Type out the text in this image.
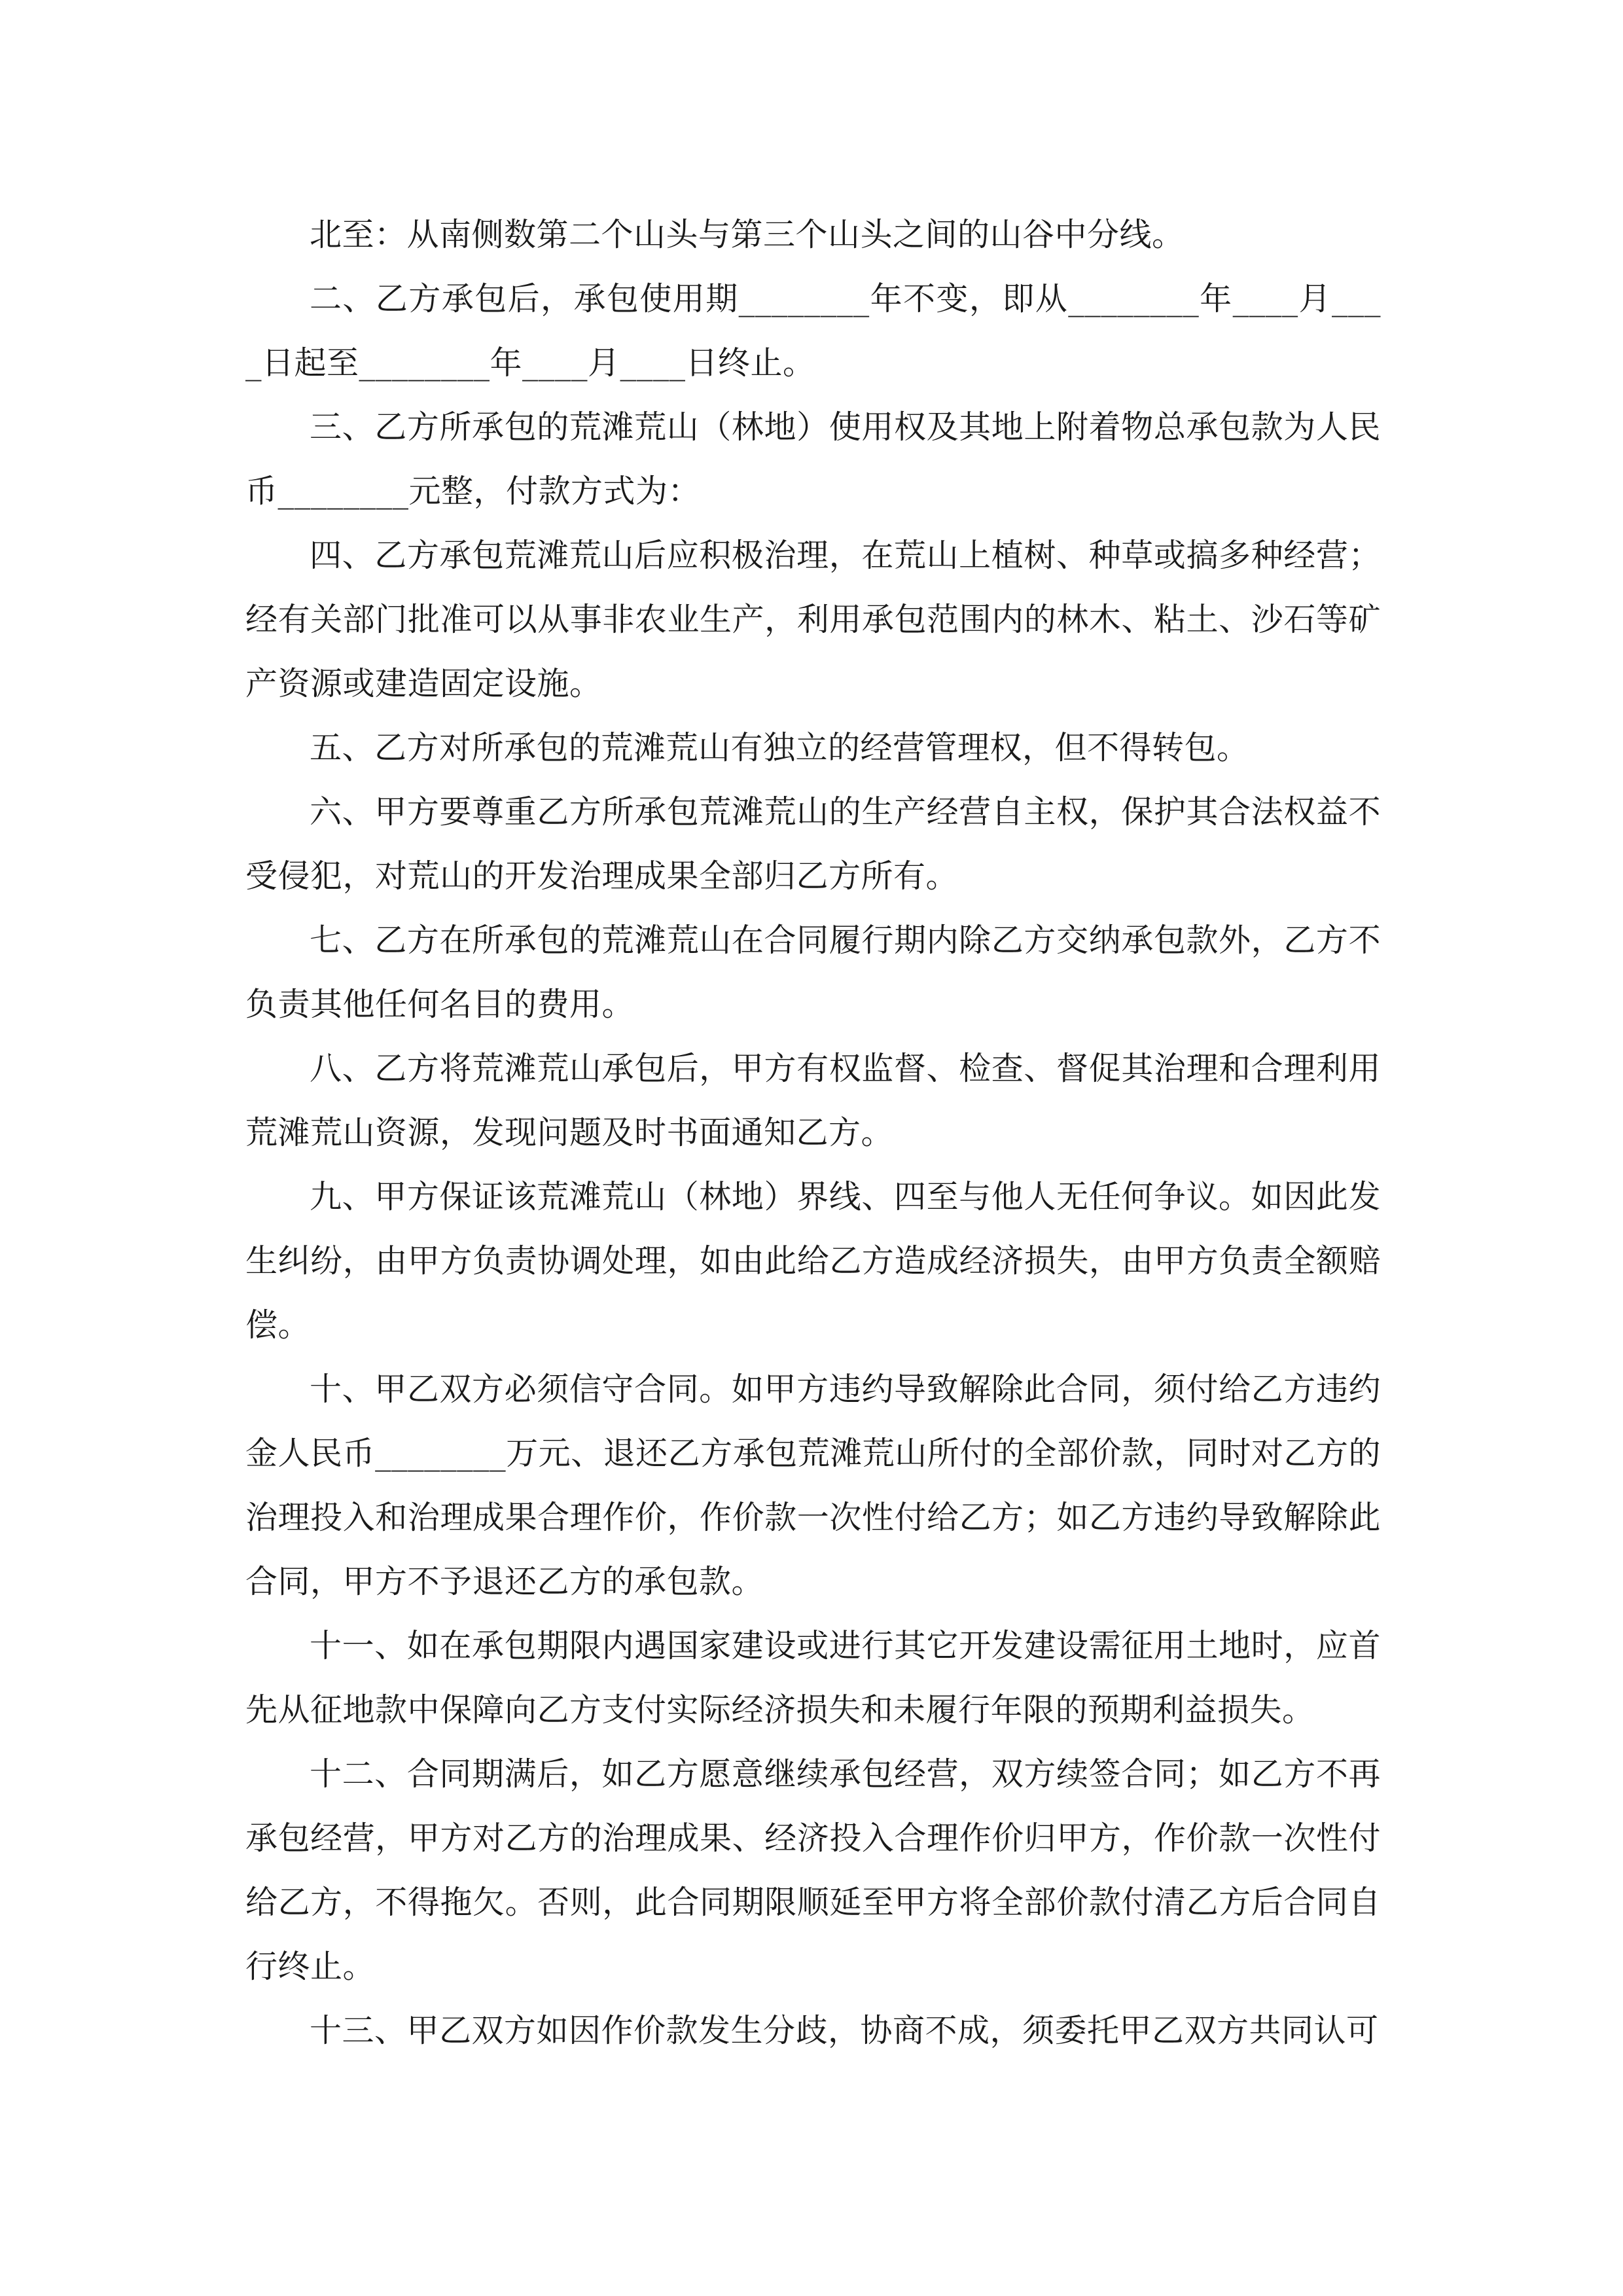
北至：从南侧数第二个山头与第三个山头之间的山谷中分线。

二、乙方承包后，承包使用期________年不变，即从________年____月____日起至________年____月____日终止。

三、乙方所承包的荒滩荒山（林地）使用权及其地上附着物总承包款为人民币________元整，付款方式为：

四、乙方承包荒滩荒山后应积极治理，在荒山上植树、种草或搞多种经营；经有关部门批准可以从事非农业生产，利用承包范围内的林木、粘土、沙石等矿产资源或建造固定设施。

五、乙方对所承包的荒滩荒山有独立的经营管理权，但不得转包。

六、甲方要尊重乙方所承包荒滩荒山的生产经营自主权，保护其合法权益不受侵犯，对荒山的开发治理成果全部归乙方所有。

七、乙方在所承包的荒滩荒山在合同履行期内除乙方交纳承包款外，乙方不负责其他任何名目的费用。

八、乙方将荒滩荒山承包后，甲方有权监督、检查、督促其治理和合理利用荒滩荒山资源，发现问题及时书面通知乙方。

九、甲方保证该荒滩荒山（林地）界线、四至与他人无任何争议。如因此发生纠纷，由甲方负责协调处理，如由此给乙方造成经济损失，由甲方负责全额赔偿。

十、甲乙双方必须信守合同。如甲方违约导致解除此合同，须付给乙方违约金人民币________万元、退还乙方承包荒滩荒山所付的全部价款，同时对乙方的治理投入和治理成果合理作价，作价款一次性付给乙方；如乙方违约导致解除此合同，甲方不予退还乙方的承包款。

十一、如在承包期限内遇国家建设或进行其它开发建设需征用土地时，应首先从征地款中保障向乙方支付实际经济损失和未履行年限的预期利益损失。

十二、合同期满后，如乙方愿意继续承包经营，双方续签合同；如乙方不再承包经营，甲方对乙方的治理成果、经济投入合理作价归甲方，作价款一次性付给乙方，不得拖欠。否则，此合同期限顺延至甲方将全部价款付清乙方后合同自行终止。

十三、甲乙双方如因作价款发生分歧，协商不成，须委托甲乙双方共同认可
